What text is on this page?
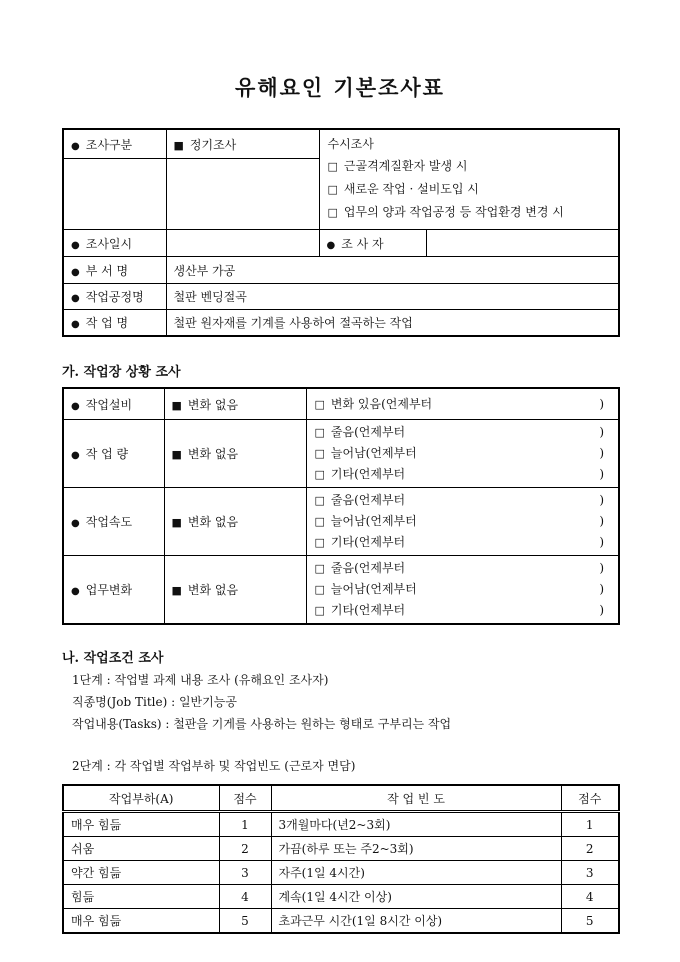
유해요인 기본조사표
● 조사구분	■ 정기조사	수시조사
□ 근골격계질환자 발생 시
□ 새로운 작업 · 설비도입 시
□ 업무의 양과 작업공정 등 작업환경 변경 시	

● 조사일시		● 조 사 자	
● 부 서 명	생산부 가공		
● 작업공정명	철판 벤딩절곡		
● 작 업 명	철판 원자재를 기계를 사용하여 절곡하는 작업		
가. 작업장 상황 조사
● 작업설비	■ 변화 없음	□ 변화 있음(언제부터 )

● 작 업 량	■ 변화 없음	
□ 줄음(언제부터	)
□ 늘어남(언제부터	)
□ 기타(언제부터	)

● 작업속도	■ 변화 없음	
□ 줄음(언제부터	)
□ 늘어남(언제부터	)
□ 기타(언제부터	)

● 업무변화	■ 변화 없음	
□ 줄음(언제부터	)
□ 늘어남(언제부터	)
□ 기타(언제부터	)
나. 작업조건 조사
1단계 : 작업별 과제 내용 조사 (유해요인 조사자)
직종명(Job Title) : 일반기능공
작업내용(Tasks) : 철판을 기게를 사용하는 원하는 형태로 구부리는 작업
2단계 : 각 작업별 작업부하 및 작업빈도 (근로자 면담)
작업부하(A)	점수	작 업 빈 도	점수
매우 힘듦	1	3개월마다(년2~3회)	1
쉬움	2	가끔(하루 또는 주2~3회)	2
약간 힘듦	3	자주(1일 4시간)	3
힘듦	4	계속(1일 4시간 이상)	4
매우 힘듦	5	초과근무 시간(1일 8시간 이상)	5
